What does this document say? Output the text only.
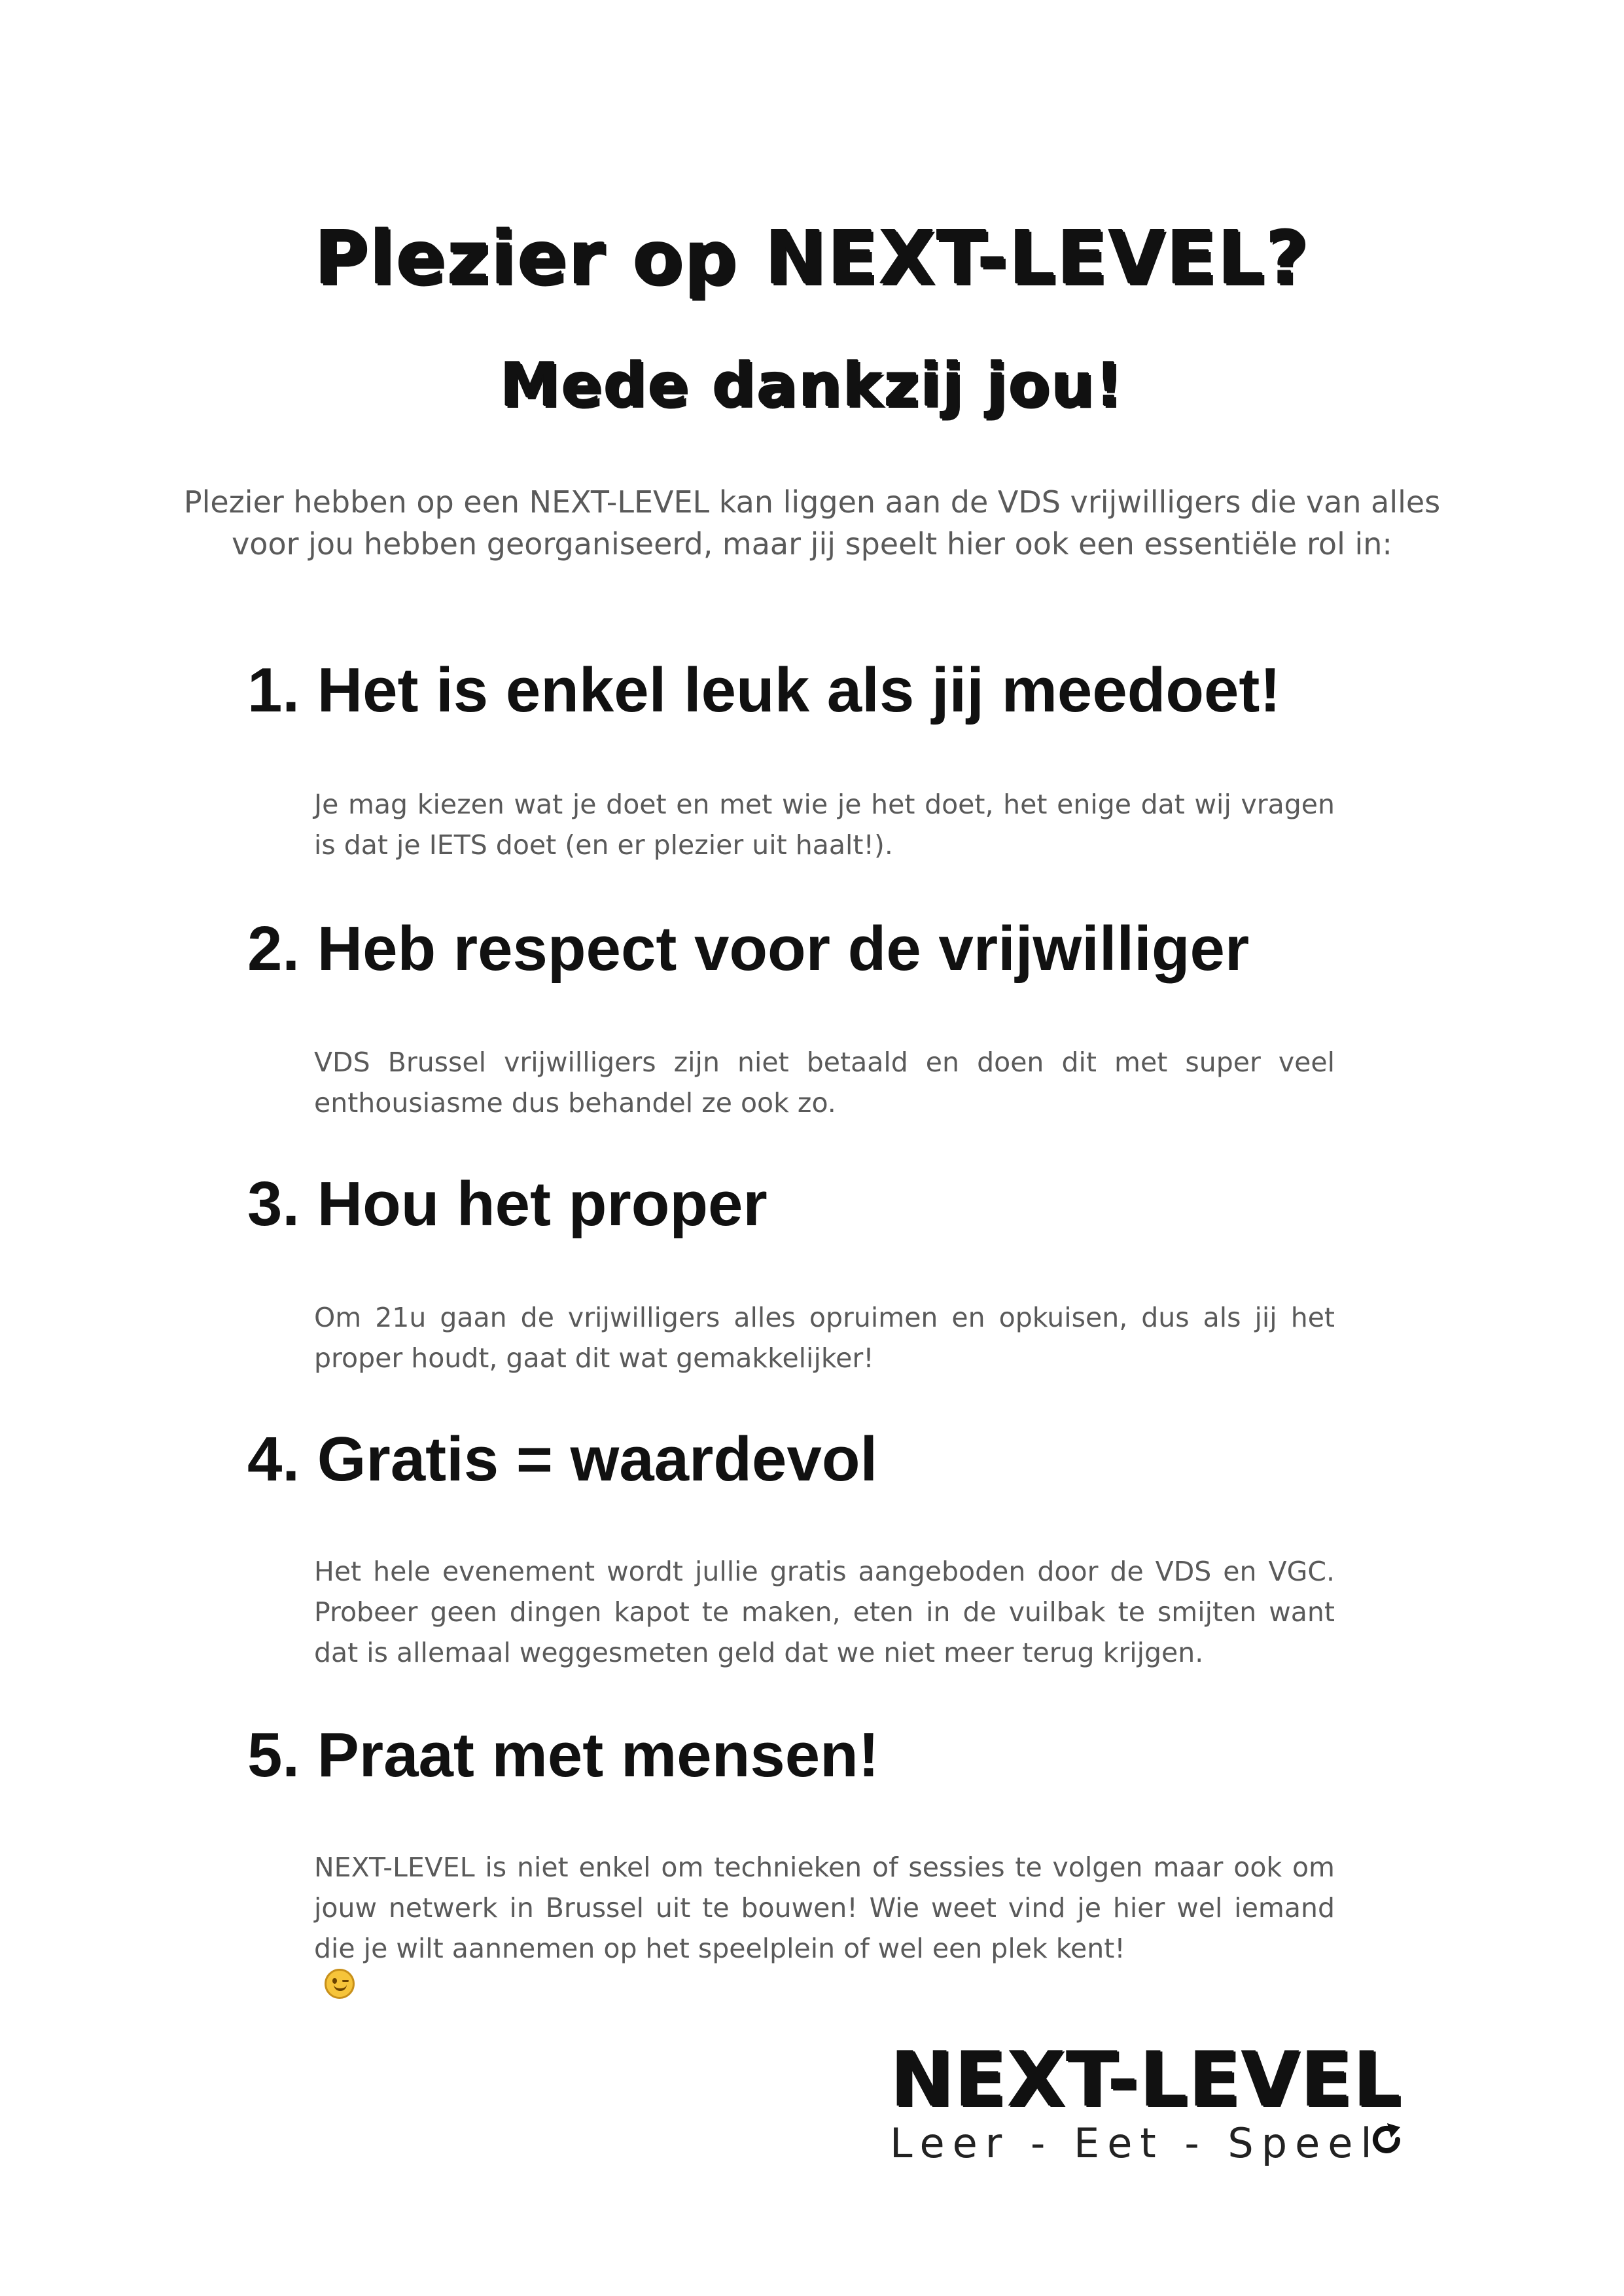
Plezier op NEXT-LEVEL?
Mede dankzij jou!
Plezier hebben op een NEXT-LEVEL kan liggen aan de VDS vrijwilligers die van alles
voor jou hebben georganiseerd, maar jij speelt hier ook een essentiële rol in:
1. Het is enkel leuk als jij meedoet!
Je mag kiezen wat je doet en met wie je het doet, het enige dat wij vragen
is dat je IETS doet (en er plezier uit haalt!).
2. Heb respect voor de vrijwilliger
VDS Brussel vrijwilligers zijn niet betaald en doen dit met super veel
enthousiasme dus behandel ze ook zo.
3. Hou het proper
Om 21u gaan de vrijwilligers alles opruimen en opkuisen, dus als jij het
proper houdt, gaat dit wat gemakkelijker!
4. Gratis = waardevol
Het hele evenement wordt jullie gratis aangeboden door de VDS en VGC.
Probeer geen dingen kapot te maken, eten in de vuilbak te smijten want
dat is allemaal weggesmeten geld dat we niet meer terug krijgen.
5. Praat met mensen!
NEXT-LEVEL is niet enkel om technieken of sessies te volgen maar ook om
jouw netwerk in Brussel uit te bouwen! Wie weet vind je hier wel iemand
die je wilt aannemen op het speelplein of wel een plek kent!
NEXT-LEVEL
Leer - Eet - Speel
